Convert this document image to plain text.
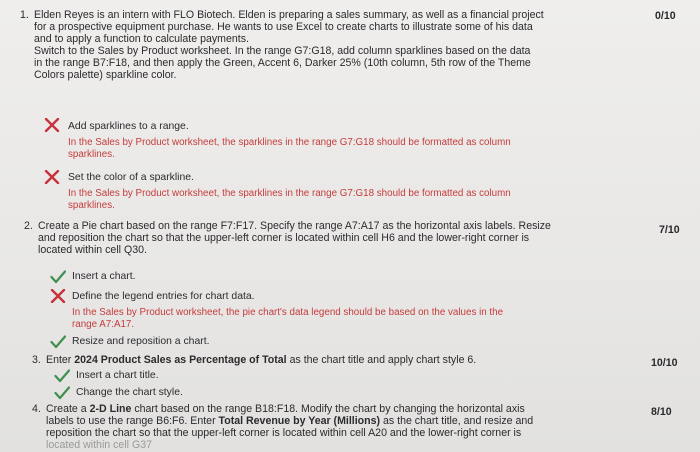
1. Elden Reyes is an intern with FLO Biotech. Elden is preparing a sales summary, as well as a financial project
for a prospective equipment purchase. He wants to use Excel to create charts to illustrate some of his data
and to apply a function to calculate payments.
Switch to the Sales by Product worksheet. In the range G7:G18, add column sparklines based on the data
in the range B7:F18, and then apply the Green, Accent 6, Darker 25% (10th column, 5th row of the Theme
Colors palette) sparkline color.
0/10
Add sparklines to a range.
In the Sales by Product worksheet, the sparklines in the range G7:G18 should be formatted as column
sparklines.
Set the color of a sparkline.
In the Sales by Product worksheet, the sparklines in the range G7:G18 should be formatted as column
sparklines.
2. Create a Pie chart based on the range F7:F17. Specify the range A7:A17 as the horizontal axis labels. Resize
and reposition the chart so that the upper-left corner is located within cell H6 and the lower-right corner is
located within cell Q30.
7/10
Insert a chart.
Define the legend entries for chart data.
In the Sales by Product worksheet, the pie chart's data legend should be based on the values in the
range A7:A17.
Resize and reposition a chart.
3. Enter 2024 Product Sales as Percentage of Total as the chart title and apply chart style 6.	10/10
Insert a chart title.
Change the chart style.
4. Create a 2-D Line chart based on the range B18:F18. Modify the chart by changing the horizontal axis
labels to use the range B6:F6. Enter Total Revenue by Year (Millions) as the chart title, and resize and
reposition the chart so that the upper-left corner is located within cell A20 and the lower-right corner is
located within cell G37
8/10
